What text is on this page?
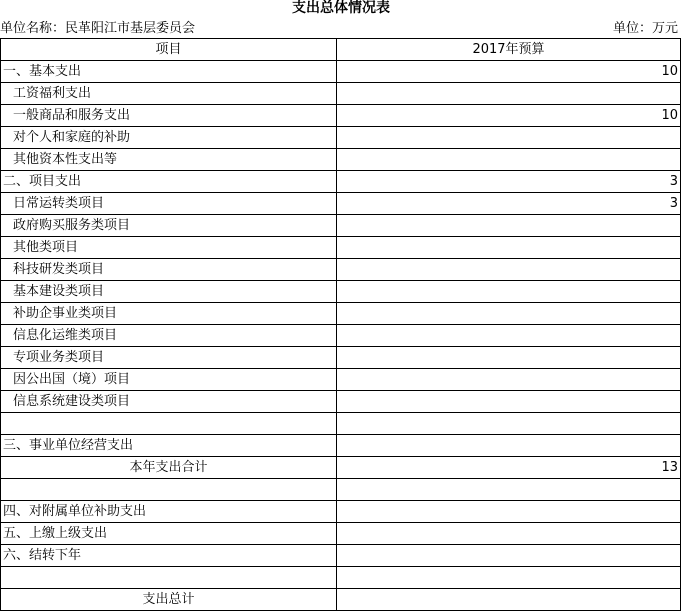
支出总体情况表
单位名称：民革阳江市基层委员会	单位：万元
项目	2017年预算
一、基本支出	10
工资福利支出	
一般商品和服务支出	10
对个人和家庭的补助	
其他资本性支出等	
二、项目支出	3
日常运转类项目	3
政府购买服务类项目	
其他类项目	
科技研发类项目	
基本建设类项目	
补助企事业类项目	
信息化运维类项目	
专项业务类项目	
因公出国（境）项目	
信息系统建设类项目	

三、事业单位经营支出	
本年支出合计	13

四、对附属单位补助支出	
五、上缴上级支出	
六、结转下年	

支出总计	
